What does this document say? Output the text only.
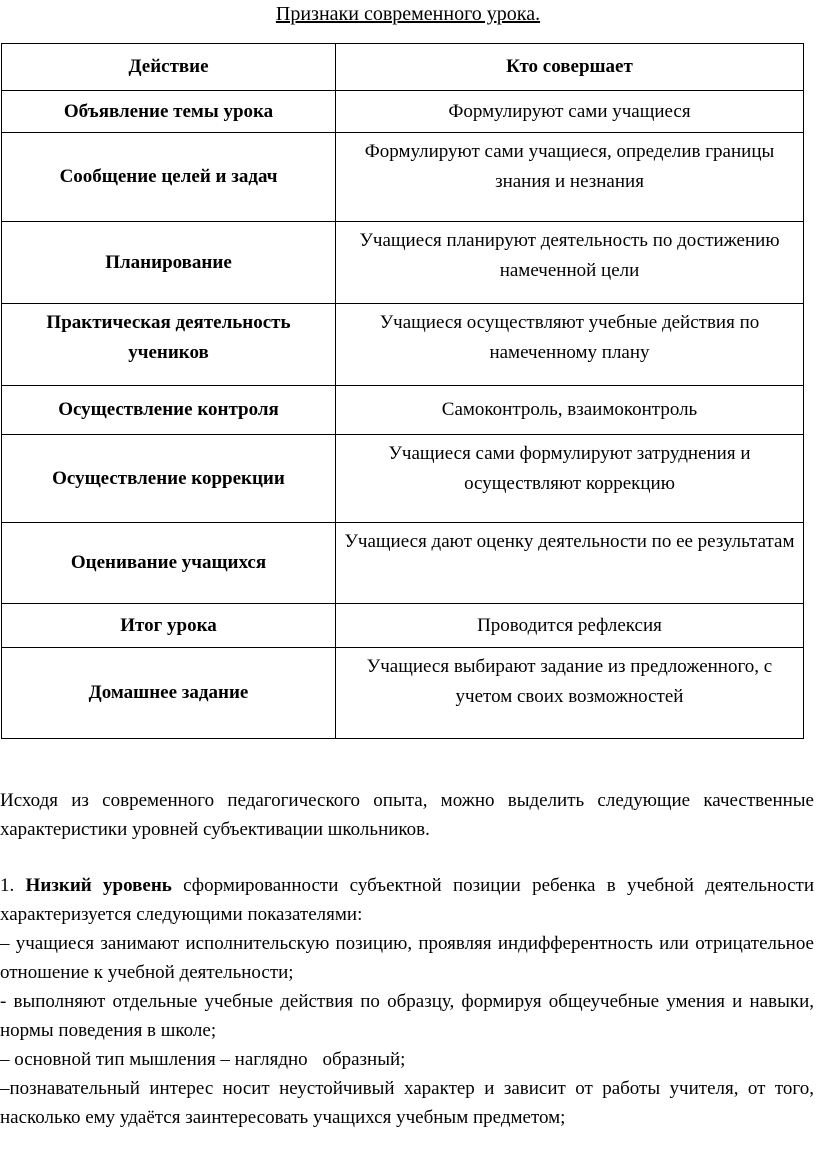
Признаки современного урока.
Действие	Кто совершает
Объявление темы урока	Формулируют сами учащиеся
Сообщение целей и задач	Формулируют сами учащиеся, определив границы знания и незнания
Планирование	Учащиеся планируют деятельность по достижению намеченной цели
Практическая деятельность учеников	Учащиеся осуществляют учебные действия по намеченному плану
Осуществление контроля	Самоконтроль, взаимоконтроль
Осуществление коррекции	Учащиеся сами формулируют затруднения и осуществляют коррекцию
Оценивание учащихся	Учащиеся дают оценку деятельности по ее результатам
Итог урока	Проводится рефлексия
Домашнее задание	Учащиеся выбирают задание из предложенного, с учетом своих возможностей
Исходя из современного педагогического опыта, можно выделить следующие качественные характеристики уровней субъективации школьников.
1. Низкий уровень сформированности субъектной позиции ребенка в учебной деятельности характеризуется следующими показателями:
– учащиеся занимают исполнительскую позицию, проявляя индифферентность или отрицательное отношение к учебной деятельности;
- выполняют отдельные учебные действия по образцу, формируя общеучебные умения и навыки, нормы поведения в школе;
– основной тип мышления – наглядно образный;
–познавательный интерес носит неустойчивый характер и зависит от работы учителя, от того, насколько ему удаётся заинтересовать учащихся учебным предметом;
